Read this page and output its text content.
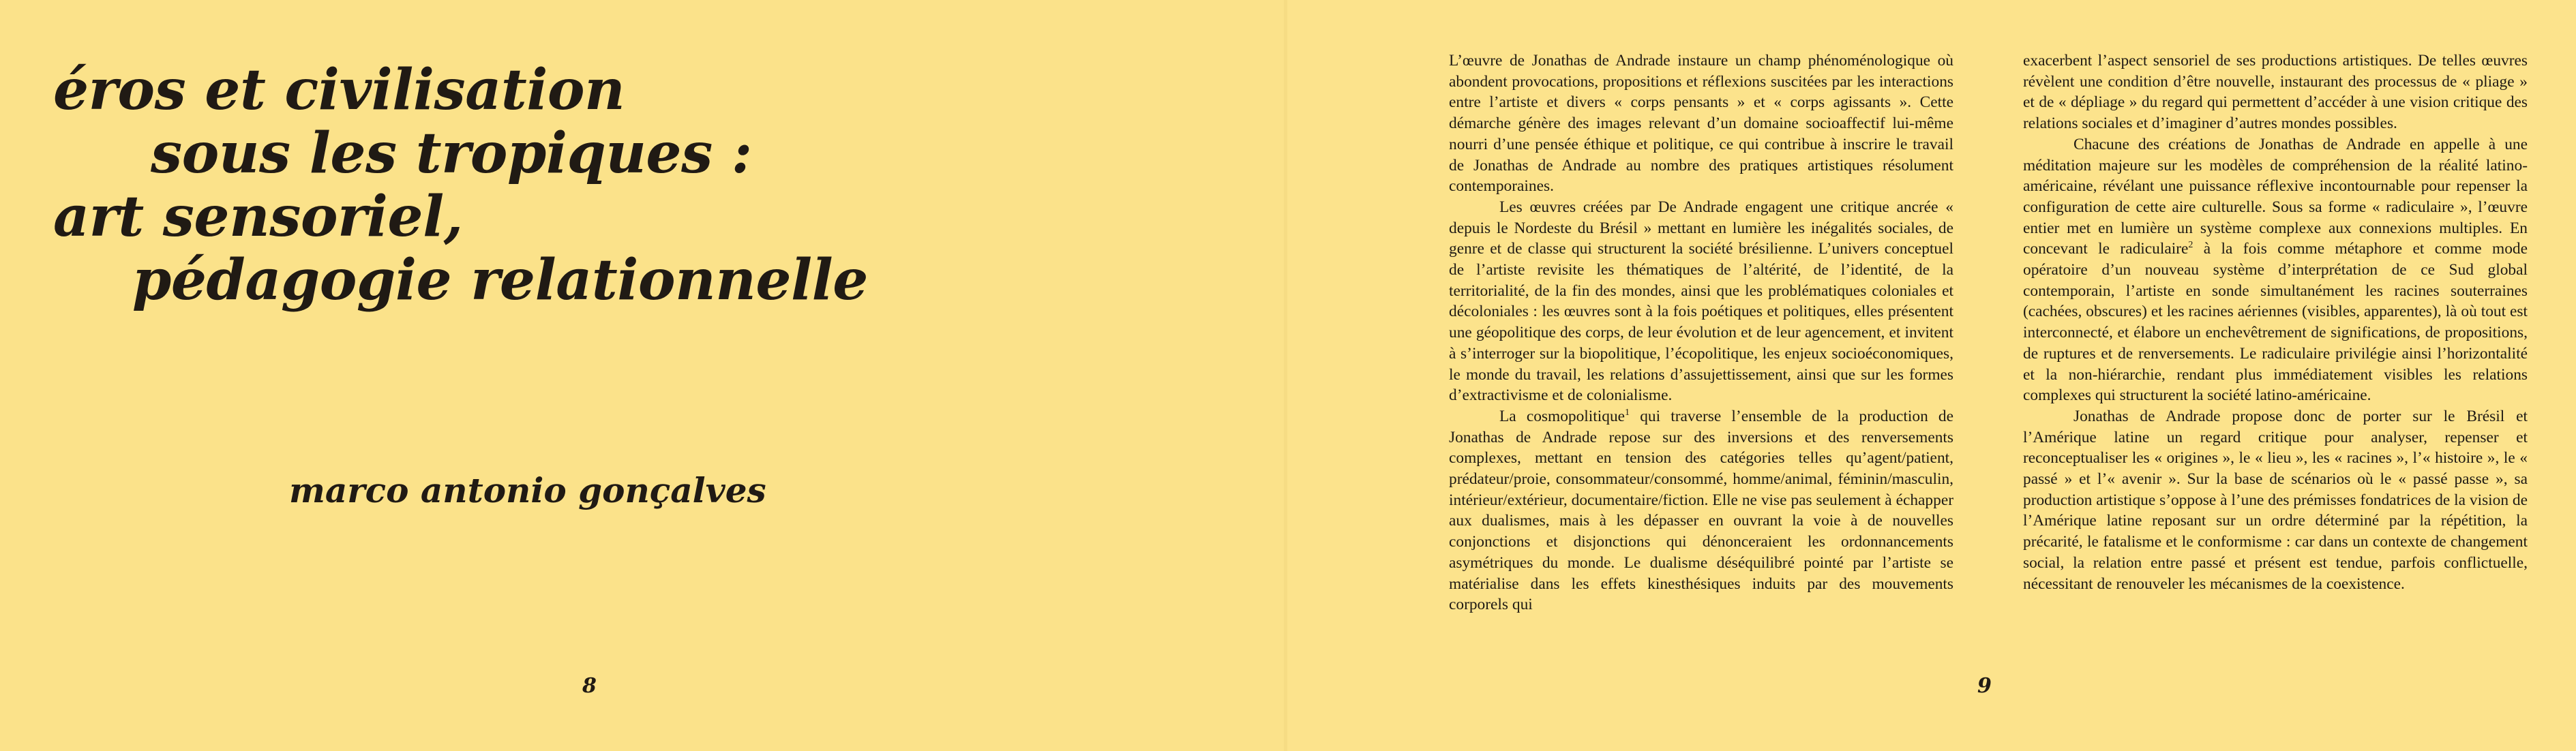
éros et civilisation
sous les tropiques :
art sensoriel,
pédagogie relationnelle

marco antonio gonçalves

8

L’œuvre de Jonathas de Andrade instaure un champ phénoménologique où abondent provocations, propositions et réflexions suscitées par les interactions entre l’artiste et divers « corps pensants » et « corps agissants ». Cette démarche génère des images relevant d’un domaine socioaffectif lui-même nourri d’une pensée éthique et politique, ce qui contribue à inscrire le travail de Jonathas de Andrade au nombre des pratiques artistiques résolument contemporaines.

Les œuvres créées par De Andrade engagent une critique ancrée « depuis le Nordeste du Brésil » mettant en lumière les inégalités sociales, de genre et de classe qui structurent la société brésilienne. L’univers conceptuel de l’artiste revisite les thématiques de l’altérité, de l’identité, de la territorialité, de la fin des mondes, ainsi que les problématiques coloniales et décoloniales : les œuvres sont à la fois poétiques et politiques, elles présentent une géopolitique des corps, de leur évolution et de leur agencement, et invitent à s’interroger sur la biopolitique, l’écopolitique, les enjeux socioéconomiques, le monde du travail, les relations d’assujettissement, ainsi que sur les formes d’extractivisme et de colonialisme.

La cosmopolitique$^1$ qui traverse l’ensemble de la production de Jonathas de Andrade repose sur des inversions et des renversements complexes, mettant en tension des catégories telles qu’agent/patient, prédateur/proie, consommateur/consommé, homme/animal, féminin/masculin, intérieur/extérieur, documentaire/fiction. Elle ne vise pas seulement à échapper aux dualismes, mais à les dépasser en ouvrant la voie à de nouvelles conjonctions et disjonctions qui dénonceraient les ordonnancements asymétriques du monde. Le dualisme déséquilibré pointé par l’artiste se matérialise dans les effets kinesthésiques induits par des mouvements corporels qui

9

exacerbent l’aspect sensoriel de ses productions artistiques. De telles œuvres révèlent une condition d’être nouvelle, instaurant des processus de « pliage » et de « dépliage » du regard qui permettent d’accéder à une vision critique des relations sociales et d’imaginer d’autres mondes possibles.

Chacune des créations de Jonathas de Andrade en appelle à une méditation majeure sur les modèles de compréhension de la réalité latino-américaine, révélant une puissance réflexive incontournable pour repenser la configuration de cette aire culturelle. Sous sa forme « radiculaire », l’œuvre entier met en lumière un système complexe aux connexions multiples. En concevant le radiculaire$^2$ à la fois comme métaphore et comme mode opératoire d’un nouveau système d’interprétation de ce Sud global contemporain, l’artiste en sonde simultanément les racines souterraines (cachées, obscures) et les racines aériennes (visibles, apparentes), là où tout est interconnecté, et élabore un enchevêtrement de significations, de propositions, de ruptures et de renversements. Le radiculaire privilégie ainsi l’horizontalité et la non-hiérarchie, rendant plus immédiatement visibles les relations complexes qui structurent la société latino-américaine.

Jonathas de Andrade propose donc de porter sur le Brésil et l’Amérique latine un regard critique pour analyser, repenser et reconceptualiser les « origines », le « lieu », les « racines », l’« histoire », le « passé » et l’« avenir ». Sur la base de scénarios où le « passé passe », sa production artistique s’oppose à l’une des prémisses fondatrices de la vision de l’Amérique latine reposant sur un ordre déterminé par la répétition, la précarité, le fatalisme et le conformisme : car dans un contexte de changement social, la relation entre passé et présent est tendue, parfois conflictuelle, nécessitant de renouveler les mécanismes de la coexistence.
